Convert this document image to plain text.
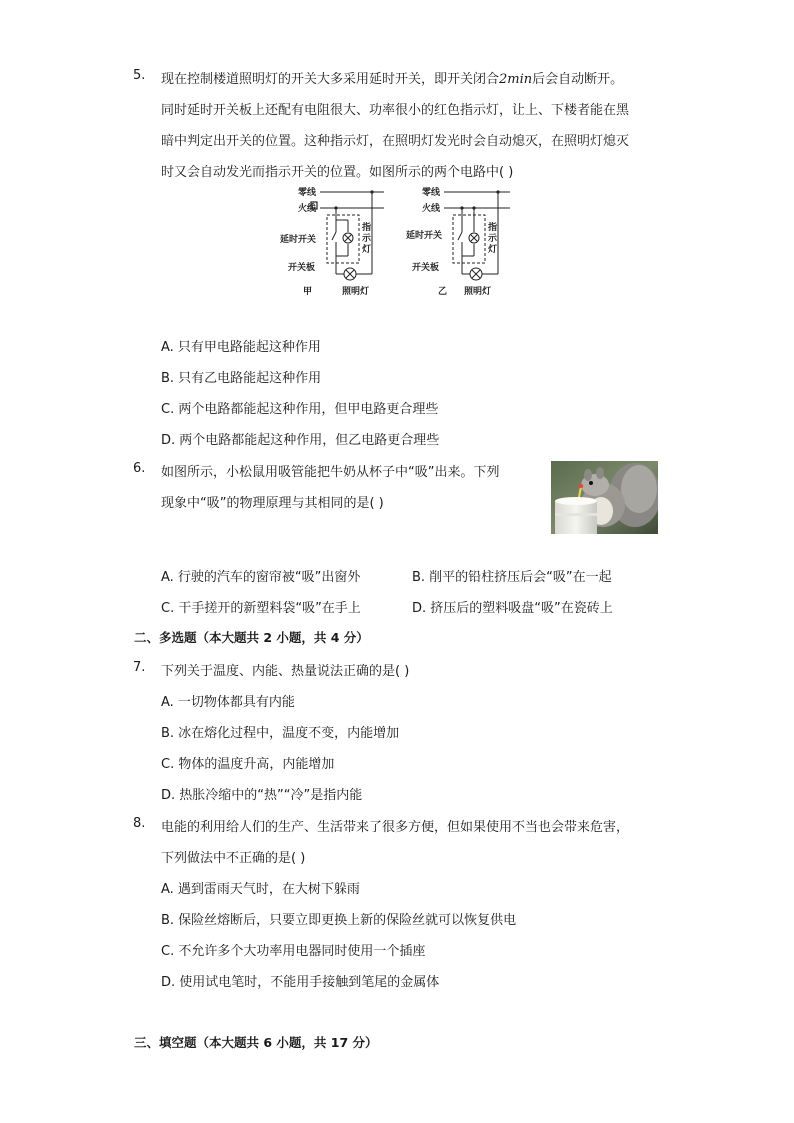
5. 现在控制楼道照明灯的开关大多采用延时开关，即开关闭合2min后会自动断开。
同时延时开关板上还配有电阻很大、功率很小的红色指示灯，让上、下楼者能在黑
暗中判定出开关的位置。这种指示灯，在照明灯发光时会自动熄灭，在照明灯熄灭
时又会自动发光而指示开关的位置。如图所示的两个电路中( )
零线
火线
延时开关
开关板
指
示
灯
甲	照明灯
零线
火线
延时开关
开关板
指
示
灯
乙 照明灯
A. 只有甲电路能起这种作用
B. 只有乙电路能起这种作用
C. 两个电路都能起这种作用，但甲电路更合理些
D. 两个电路都能起这种作用，但乙电路更合理些
6. 如图所示，小松鼠用吸管能把牛奶从杯子中“吸”出来。下列
现象中“吸”的物理原理与其相同的是( )
A. 行驶的汽车的窗帘被“吸”出窗外	B. 削平的铅柱挤压后会“吸”在一起
C. 干手搓开的新塑料袋“吸”在手上	D. 挤压后的塑料吸盘“吸”在瓷砖上
二、多选题（本大题共 2 小题，共 4 分）
7. 下列关于温度、内能、热量说法正确的是( )
A. 一切物体都具有内能
B. 冰在熔化过程中，温度不变，内能增加
C. 物体的温度升高，内能增加
D. 热胀冷缩中的“热”“冷”是指内能
8. 电能的利用给人们的生产、生活带来了很多方便，但如果使用不当也会带来危害，
下列做法中不正确的是( )
A. 遇到雷雨天气时，在大树下躲雨
B. 保险丝熔断后，只要立即更换上新的保险丝就可以恢复供电
C. 不允许多个大功率用电器同时使用一个插座
D. 使用试电笔时，不能用手接触到笔尾的金属体
三、填空题（本大题共 6 小题，共 17 分）
